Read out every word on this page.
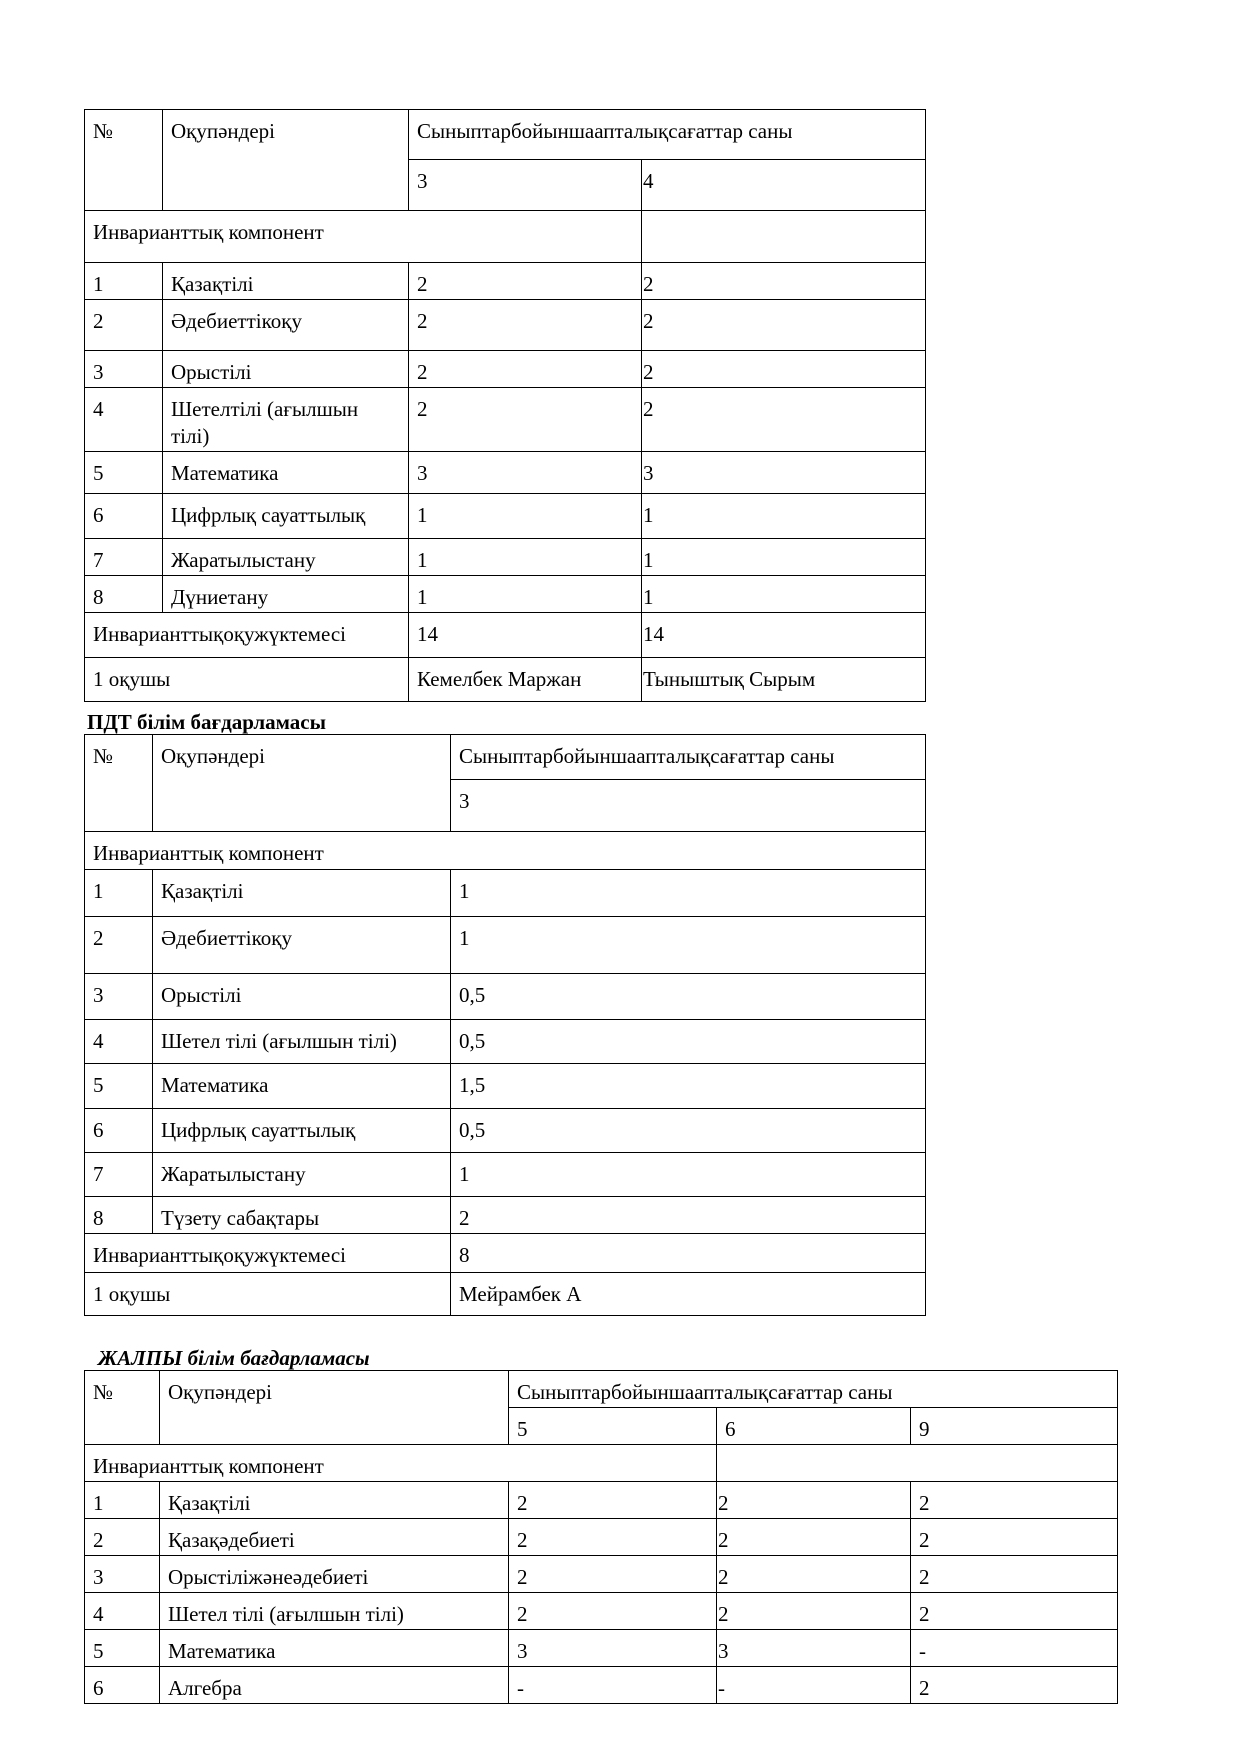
№	Оқупәндері	Сыныптарбойыншаапталықсағаттар саны	
		3	4
Инварианттық компонент			
1	Қазақтілі	2	2
2	Әдебиеттікоқу	2	2
3	Орыстілі	2	2
4	Шетелтілі (ағылшын тілі)	2	2
5	Математика	3	3
6	Цифрлық сауаттылық	1	1
7	Жаратылыстану	1	1
8	Дүниетану	1	1
Инварианттықоқужүктемесі		14	14
1 оқушы		Кемелбек Маржан	Тыныштық Сырым
ПДТ білім бағдарламасы
№	Оқупәндері	Сыныптарбойыншаапталықсағаттар саны
		3
Инварианттық компонент		
1	Қазақтілі	1
2	Әдебиеттікоқу	1
3	Орыстілі	0,5
4	Шетел тілі (ағылшын тілі)	0,5
5	Математика	1,5
6	Цифрлық сауаттылық	0,5
7	Жаратылыстану	1
8	Түзету сабақтары	2
Инварианттықоқужүктемесі		8
1 оқушы		Мейрамбек А
ЖАЛПЫ білім бағдарламасы
№	Оқупәндері	Сыныптарбойыншаапталықсағаттар саны		
		5	6	9
Инварианттық компонент				
1	Қазақтілі	2	2	2
2	Қазақәдебиеті	2	2	2
3	Орыстіліжәнеәдебиеті	2	2	2
4	Шетел тілі (ағылшын тілі)	2	2	2
5	Математика	3	3	-
6	Алгебра	-	-	2
